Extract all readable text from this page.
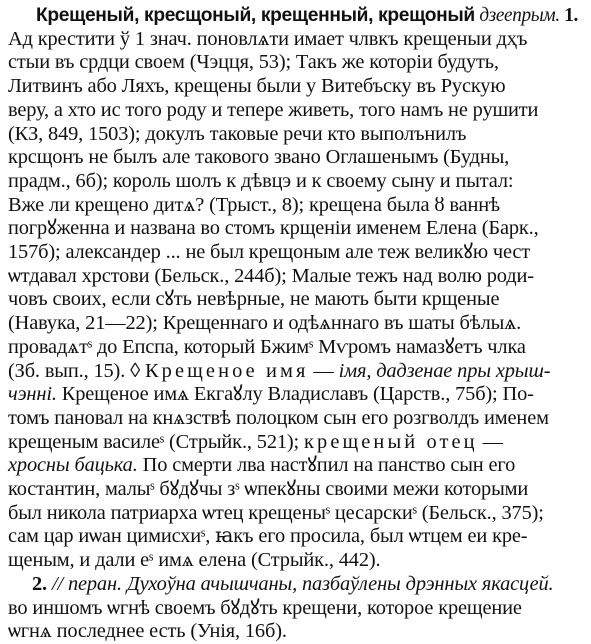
Крещеный, кресщоный, крещенный, крещоный дзеепрым. 1.
Ад крестити ў 1 знач. поновлѧти имает члвкъ крещеныи дҳъ
стыи въ срдци своем (Чэцця, 53); Такъ же которіи будуть,
Литвинъ або Ляхъ, крещены были у Витебъску въ Рускую
веру, а хто ис того роду и тепере живеть, того намъ не рушити
(КЗ, 849, 1503); докулъ таковые речи кто выполънилъ
крсщонъ не былъ але такового звано Оглашенымъ (Будны,
прадм., 6б); король шолъ к дѣвцэ и к своему сыну и пытал:
Вже ли крещено дитѧ? (Трыст., 8); крещена была ȣ ваннѣ
погрꙋженна и названа во стомъ крщеніи именем Елена (Барк.,
157б); александер ... не был крещоным але теж великꙋю чест
ѡтдавал хрстови (Бельск., 244б); Малые тежъ над волю роди-
човъ своих, если сꙋть невѣрные, не мають быти крщеные
(Навука, 21—22); Крещеннаго и одѣѧннаго въ шаты бѣлыѧ.
провадѧтˢ до Епспа, который Бжимˢ Мѵромъ намазꙋетъ члка
(Зб. вып., 15). ◊ Крещеное имя — імя, дадзенае пры хрыш-
чэнні. Крещеное имѧ Екгаꙋлу Владиславъ (Царств., 75б); По-
томъ пановал на кнѧзствѣ полоцком сын его розгволдъ именем
крещеным василеˢ (Стрыйк., 521); крещеный отец —
хросны бацька. По смерти лва настꙋпил на панство сын его
костантин, малыˢ бꙋдꙋчы зˢ ѡпекꙋны своими межи которыми
был никола патриарха ѡтец крещеныˢ цесарскиˢ (Бельск., 375);
сам цар иѡан цимисхиˢ, ꙗкъ его просила, был ѡтцем еи кре-
щеным, и дали еˢ имѧ елена (Стрыйк., 442).
2. // перан. Духоўна ачышчаны, пазбаўлены дрэнных якасцей.
во иншомъ ѡгнѣ своемъ бꙋдꙋть крещени, которое крещение
ѡгнѧ последнее есть (Унія, 16б).
